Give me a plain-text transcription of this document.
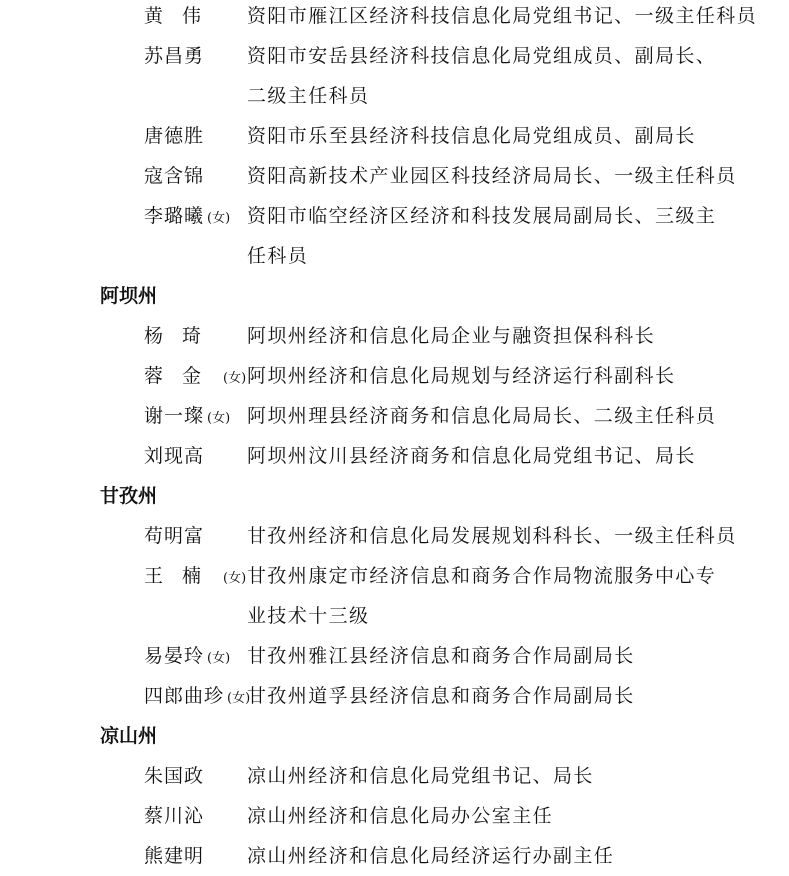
黄伟 资阳市雁江区经济科技信息化局党组书记、一级主任科员
苏昌勇 资阳市安岳县经济科技信息化局党组成员、副局长、
二级主任科员
唐德胜 资阳市乐至县经济科技信息化局党组成员、副局长
寇含锦 资阳高新技术产业园区科技经济局局长、一级主任科员
李璐曦 (女) 资阳市临空经济区经济和科技发展局副局长、三级主
任科员
阿坝州
杨琦 阿坝州经济和信息化局企业与融资担保科科长
蓉金 (女) 阿坝州经济和信息化局规划与经济运行科副科长
谢一璨 (女) 阿坝州理县经济商务和信息化局局长、二级主任科员
刘现高 阿坝州汶川县经济商务和信息化局党组书记、局长
甘孜州
苟明富 甘孜州经济和信息化局发展规划科科长、一级主任科员
王楠 (女) 甘孜州康定市经济信息和商务合作局物流服务中心专
业技术十三级
易晏玲 (女) 甘孜州雅江县经济信息和商务合作局副局长
四郎曲珍 (女)
甘孜州道孚县经济信息和商务合作局副局长
凉山州
朱国政 凉山州经济和信息化局党组书记、局长
蔡川沁 凉山州经济和信息化局办公室主任
熊建明 凉山州经济和信息化局经济运行办副主任
